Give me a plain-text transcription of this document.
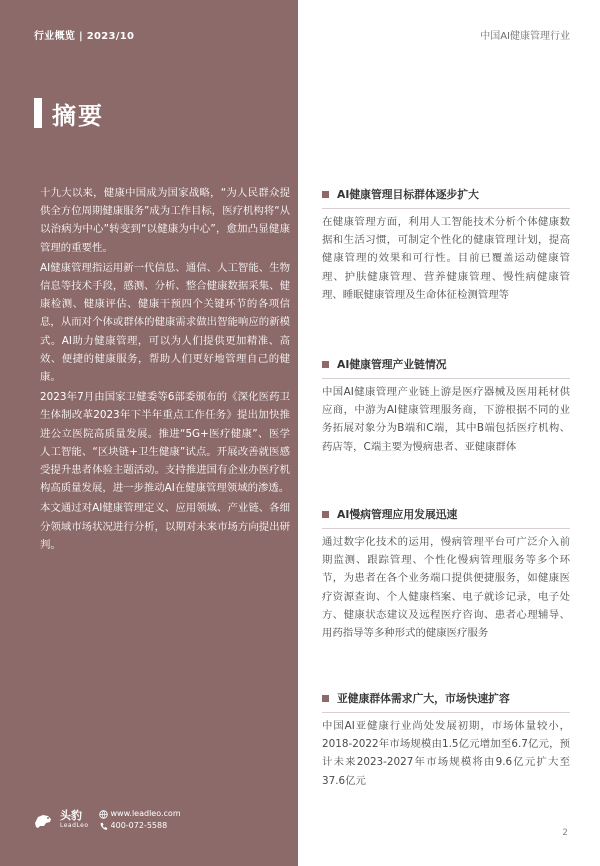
行业概览 | 2023/10	中国AI健康管理行业
摘要

十九大以来，健康中国成为国家战略，“为人民群众提供全方位周期健康服务”成为工作目标，医疗机构将“从以治病为中心”转变到“以健康为中心”，愈加凸显健康管理的重要性。

AI健康管理指运用新一代信息、通信、人工智能、生物信息等技术手段，感测、分析、整合健康数据采集、健康检测、健康评估、健康干预四个关键环节的各项信息，从而对个体或群体的健康需求做出智能响应的新模式。AI助力健康管理，可以为人们提供更加精准、高效、便捷的健康服务，帮助人们更好地管理自己的健康。

2023年7月由国家卫健委等6部委颁布的《深化医药卫生体制改革2023年下半年重点工作任务》提出加快推进公立医院高质量发展。推进“5G+医疗健康”、医学人工智能、“区块链+卫生健康”试点。开展改善就医感受提升患者体验主题活动。支持推进国有企业办医疗机构高质量发展，进一步推动AI在健康管理领域的渗透。

本文通过对AI健康管理定义、应用领域、产业链、各细分领域市场状况进行分析，以期对未来市场方向提出研判。

AI健康管理目标群体逐步扩大
在健康管理方面，利用人工智能技术分析个体健康数据和生活习惯，可制定个性化的健康管理计划，提高健康管理的效果和可行性。目前已覆盖运动健康管理、护肤健康管理、营养健康管理、慢性病健康管理、睡眠健康管理及生命体征检测管理等
AI健康管理产业链情况
中国AI健康管理产业链上游是医疗器械及医用耗材供应商，中游为AI健康管理服务商，下游根据不同的业务拓展对象分为B端和C端，其中B端包括医疗机构、药店等，C端主要为慢病患者、亚健康群体
AI慢病管理应用发展迅速
通过数字化技术的运用，慢病管理平台可广泛介入前期监测、跟踪管理、个性化慢病管理服务等多个环节，为患者在各个业务端口提供便捷服务，如健康医疗资源查询、个人健康档案、电子就诊记录，电子处方、健康状态建议及远程医疗咨询、患者心理辅导、用药指导等多种形式的健康医疗服务
亚健康群体需求广大，市场快速扩容
中国AI亚健康行业尚处发展初期，市场体量较小，2018-2022年市场规模由1.5亿元增加至6.7亿元，预计未来2023-2027年市场规模将由9.6亿元扩大至37.6亿元
头豹
LeadLeo
www.leadleo.com
400-072-5588
2
